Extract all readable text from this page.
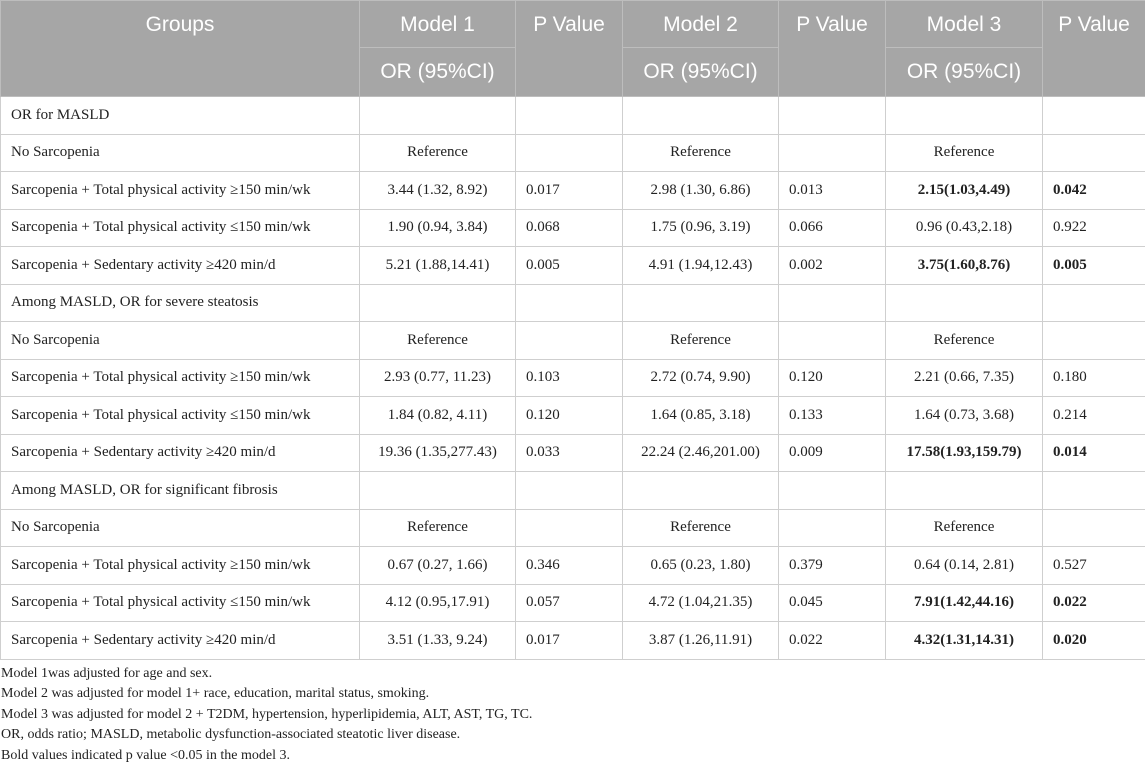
Groups	Model 1	P Value	Model 2	P Value	Model 3	P Value
	OR (95%CI)		OR (95%CI)		OR (95%CI)	
OR for MASLD						
No Sarcopenia	Reference		Reference		Reference	
Sarcopenia + Total physical activity ≥150 min/wk	3.44 (1.32, 8.92)	0.017	2.98 (1.30, 6.86)	0.013	2.15(1.03,4.49)	0.042
Sarcopenia + Total physical activity ≤150 min/wk	1.90 (0.94, 3.84)	0.068	1.75 (0.96, 3.19)	0.066	0.96 (0.43,2.18)	0.922
Sarcopenia + Sedentary activity ≥420 min/d	5.21 (1.88,14.41)	0.005	4.91 (1.94,12.43)	0.002	3.75(1.60,8.76)	0.005
Among MASLD, OR for severe steatosis						
No Sarcopenia	Reference		Reference		Reference	
Sarcopenia + Total physical activity ≥150 min/wk	2.93 (0.77, 11.23)	0.103	2.72 (0.74, 9.90)	0.120	2.21 (0.66, 7.35)	0.180
Sarcopenia + Total physical activity ≤150 min/wk	1.84 (0.82, 4.11)	0.120	1.64 (0.85, 3.18)	0.133	1.64 (0.73, 3.68)	0.214
Sarcopenia + Sedentary activity ≥420 min/d	19.36 (1.35,277.43)	0.033	22.24 (2.46,201.00)	0.009	17.58(1.93,159.79)	0.014
Among MASLD, OR for significant fibrosis						
No Sarcopenia	Reference		Reference		Reference	
Sarcopenia + Total physical activity ≥150 min/wk	0.67 (0.27, 1.66)	0.346	0.65 (0.23, 1.80)	0.379	0.64 (0.14, 2.81)	0.527
Sarcopenia + Total physical activity ≤150 min/wk	4.12 (0.95,17.91)	0.057	4.72 (1.04,21.35)	0.045	7.91(1.42,44.16)	0.022
Sarcopenia + Sedentary activity ≥420 min/d	3.51 (1.33, 9.24)	0.017	3.87 (1.26,11.91)	0.022	4.32(1.31,14.31)	0.020
Model 1was adjusted for age and sex.
Model 2 was adjusted for model 1+ race, education, marital status, smoking.
Model 3 was adjusted for model 2 + T2DM, hypertension, hyperlipidemia, ALT, AST, TG, TC.
OR, odds ratio; MASLD, metabolic dysfunction-associated steatotic liver disease.
Bold values indicated p value <0.05 in the model 3.
